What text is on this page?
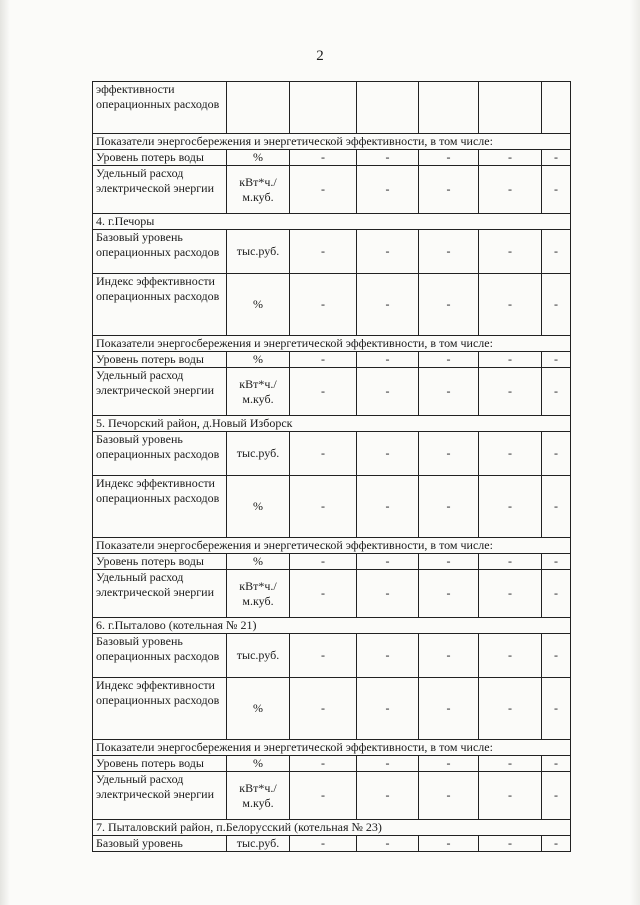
2
эффективности операционных расходов						
Показатели энергосбережения и энергетической эффективности, в том числе:						
Уровень потерь воды	%	-	-	-	-	-
Удельный расход электрической энергии	кВт*ч./м.куб.	-	-	-	-	-
4. г.Печоры						
Базовый уровень операционных расходов	тыс.руб.	-	-	-	-	-
Индекс эффективности операционных расходов	%	-	-	-	-	-
Показатели энергосбережения и энергетической эффективности, в том числе:						
Уровень потерь воды	%	-	-	-	-	-
Удельный расход электрической энергии	кВт*ч./м.куб.	-	-	-	-	-
5. Печорский район, д.Новый Изборск						
Базовый уровень операционных расходов	тыс.руб.	-	-	-	-	-
Индекс эффективности операционных расходов	%	-	-	-	-	-
Показатели энергосбережения и энергетической эффективности, в том числе:						
Уровень потерь воды	%	-	-	-	-	-
Удельный расход электрической энергии	кВт*ч./м.куб.	-	-	-	-	-
6. г.Пыталово (котельная № 21)						
Базовый уровень операционных расходов	тыс.руб.	-	-	-	-	-
Индекс эффективности операционных расходов	%	-	-	-	-	-
Показатели энергосбережения и энергетической эффективности, в том числе:						
Уровень потерь воды	%	-	-	-	-	-
Удельный расход электрической энергии	кВт*ч./м.куб.	-	-	-	-	-
7. Пыталовский район, п.Белорусский (котельная № 23)						
Базовый уровень	тыс.руб.	-	-	-	-	-
